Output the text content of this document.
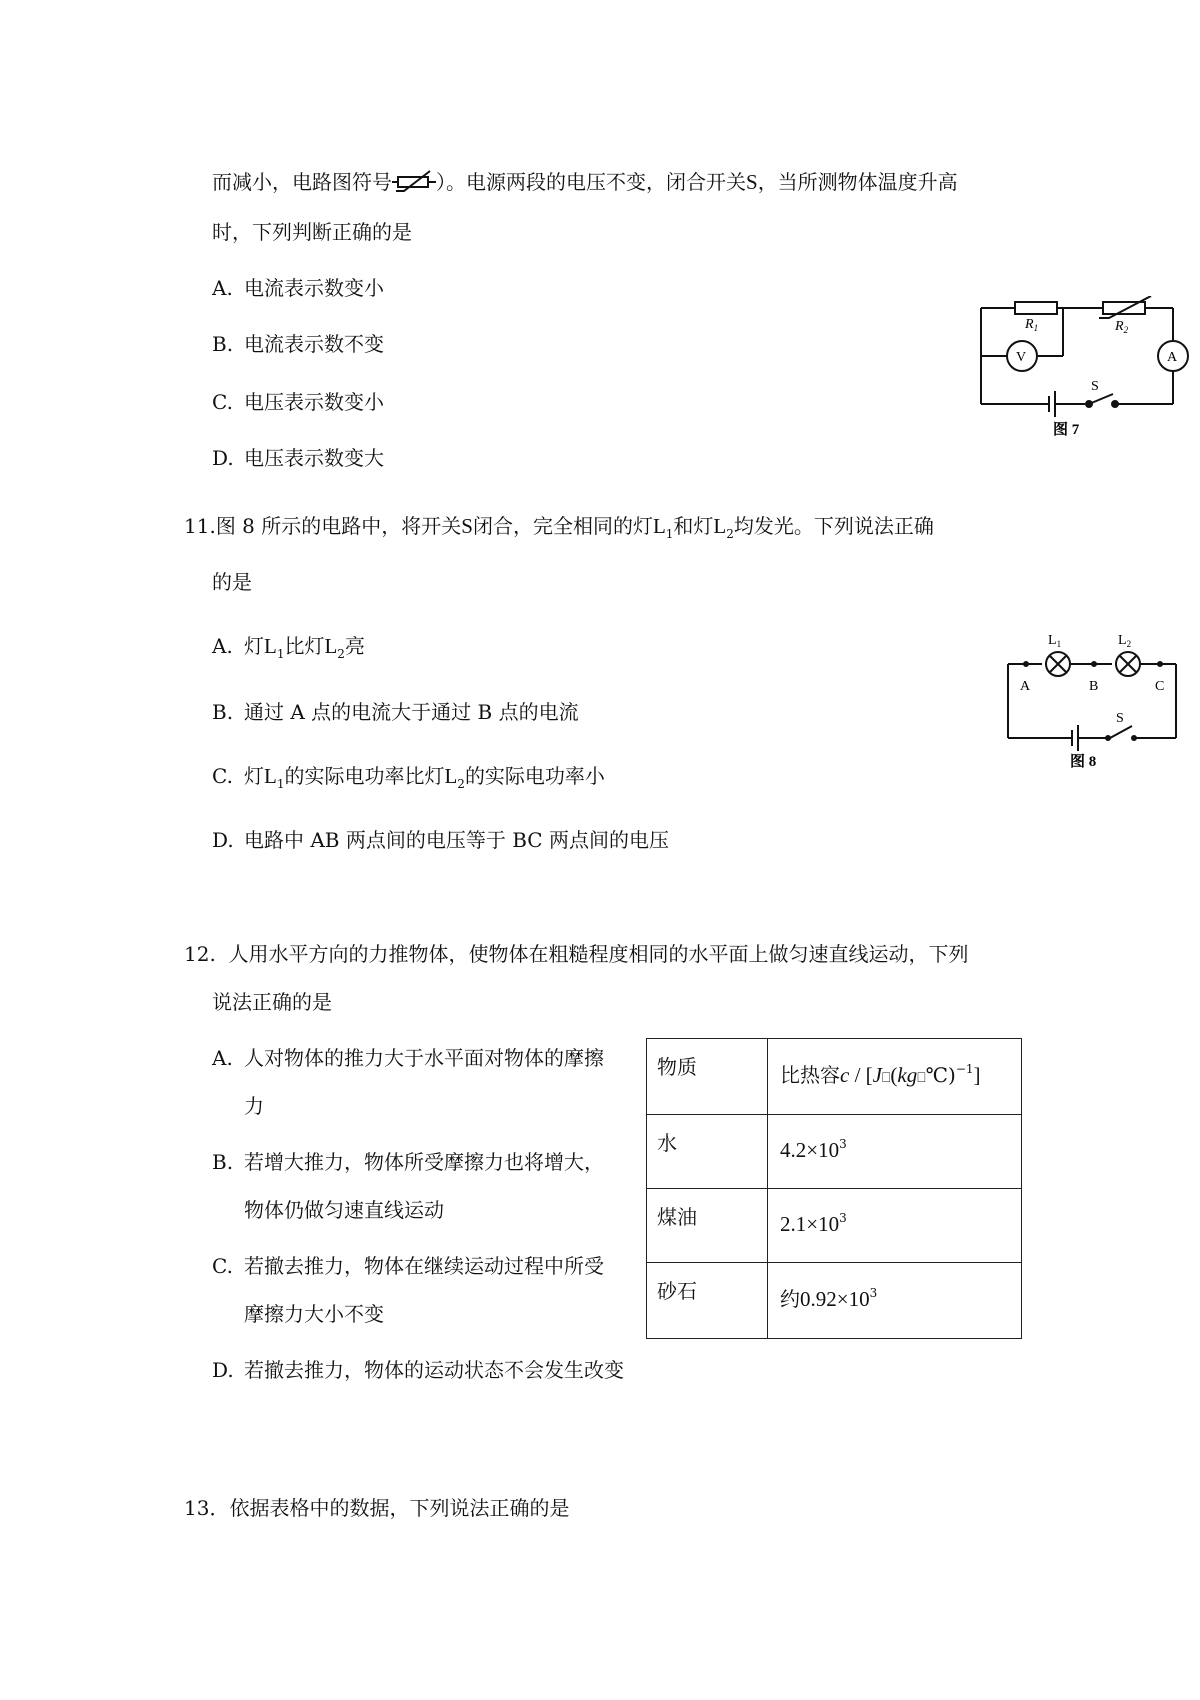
而减小，电路图符号 ）。电源两段的电压不变，闭合开关S，当所测物体温度升高
时，下列判断正确的是
A. 电流表示数变小
B. 电流表示数不变
C. 电压表示数变小
D. 电压表示数变大
$R_1$	$R_2$
V	A
S
图 7
11.图 8 所示的电路中，将开关S闭合，完全相同的灯$L_1$和灯$L_2$均发光。下列说法正确
的是
A. 灯$L_1$比灯$L_2$亮
B. 通过 A 点的电流大于通过 B 点的电流
C. 灯$L_1$的实际电功率比灯$L_2$的实际电功率小
D. 电路中 AB 两点间的电压等于 BC 两点间的电压
$L_1$	$L_2$
A	B	C
S
图 8
12. 人用水平方向的力推物体，使物体在粗糙程度相同的水平面上做匀速直线运动，下列
说法正确的是
A. 人对物体的推力大于水平面对物体的摩擦
力
B. 若增大推力，物体所受摩擦力也将增大，
物体仍做匀速直线运动
C. 若撤去推力，物体在继续运动过程中所受
摩擦力大小不变
D. 若撤去推力，物体的运动状态不会发生改变
物质	比热容c / [J⎕(kg⎕℃)$^{-1}$]
水	$4.2\times 10^3$
煤油	$2.1\times 10^3$
砂石	约$0.92\times 10^3$
13．依据表格中的数据，下列说法正确的是
